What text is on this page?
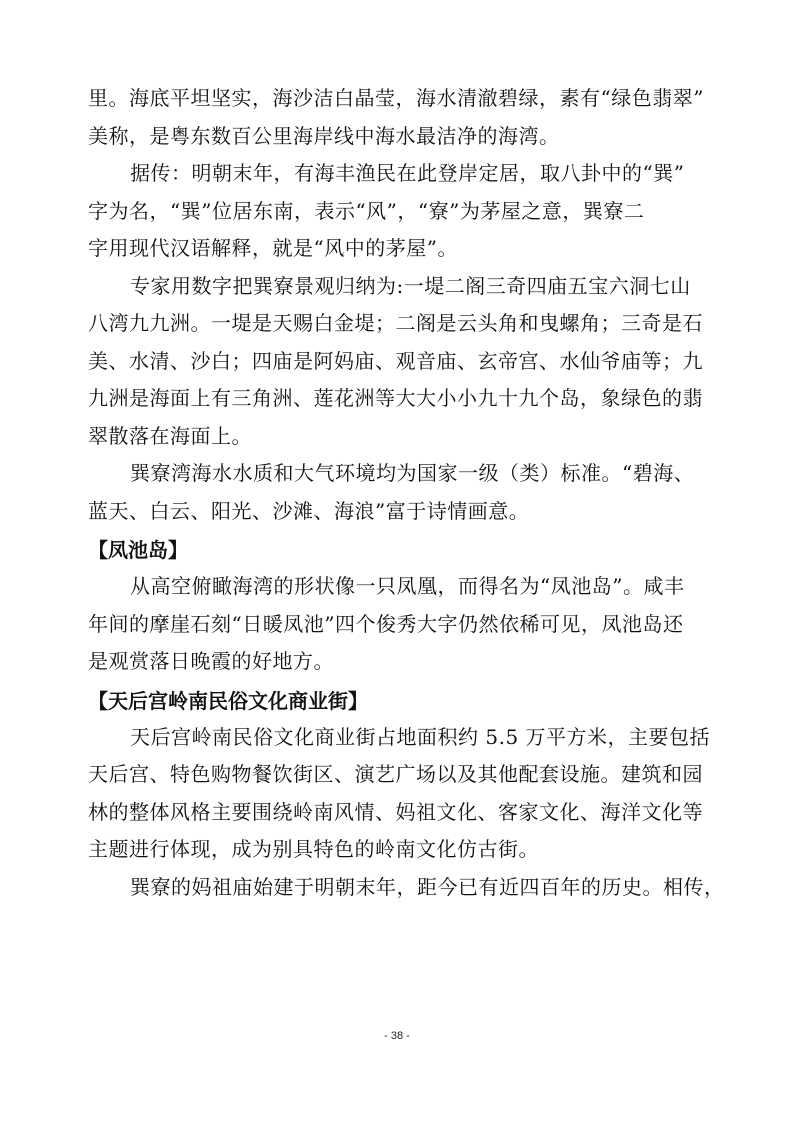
里。海底平坦坚实，海沙洁白晶莹，海水清澈碧绿，素有“绿色翡翠”
美称，是粤东数百公里海岸线中海水最洁净的海湾。
据传：明朝末年，有海丰渔民在此登岸定居，取八卦中的“巽”
字为名，“巽”位居东南，表示“风”，“寮”为茅屋之意，巽寮二
字用现代汉语解释，就是“风中的茅屋”。
专家用数字把巽寮景观归纳为:一堤二阁三奇四庙五宝六洞七山
八湾九九洲。一堤是天赐白金堤；二阁是云头角和曳螺角；三奇是石
美、水清、沙白；四庙是阿妈庙、观音庙、玄帝宫、水仙爷庙等；九
九洲是海面上有三角洲、莲花洲等大大小小九十九个岛，象绿色的翡
翠散落在海面上。
巽寮湾海水水质和大气环境均为国家一级（类）标准。“碧海、
蓝天、白云、阳光、沙滩、海浪”富于诗情画意。
【凤池岛】
从高空俯瞰海湾的形状像一只凤凰，而得名为“凤池岛”。咸丰
年间的摩崖石刻“日暖凤池”四个俊秀大字仍然依稀可见，凤池岛还
是观赏落日晚霞的好地方。
【天后宫岭南民俗文化商业街】
天后宫岭南民俗文化商业街占地面积约 5.5 万平方米，主要包括
天后宫、特色购物餐饮街区、演艺广场以及其他配套设施。建筑和园
林的整体风格主要围绕岭南风情、妈祖文化、客家文化、海洋文化等
主题进行体现，成为别具特色的岭南文化仿古街。
巽寮的妈祖庙始建于明朝末年，距今已有近四百年的历史。相传，
- 38 -
